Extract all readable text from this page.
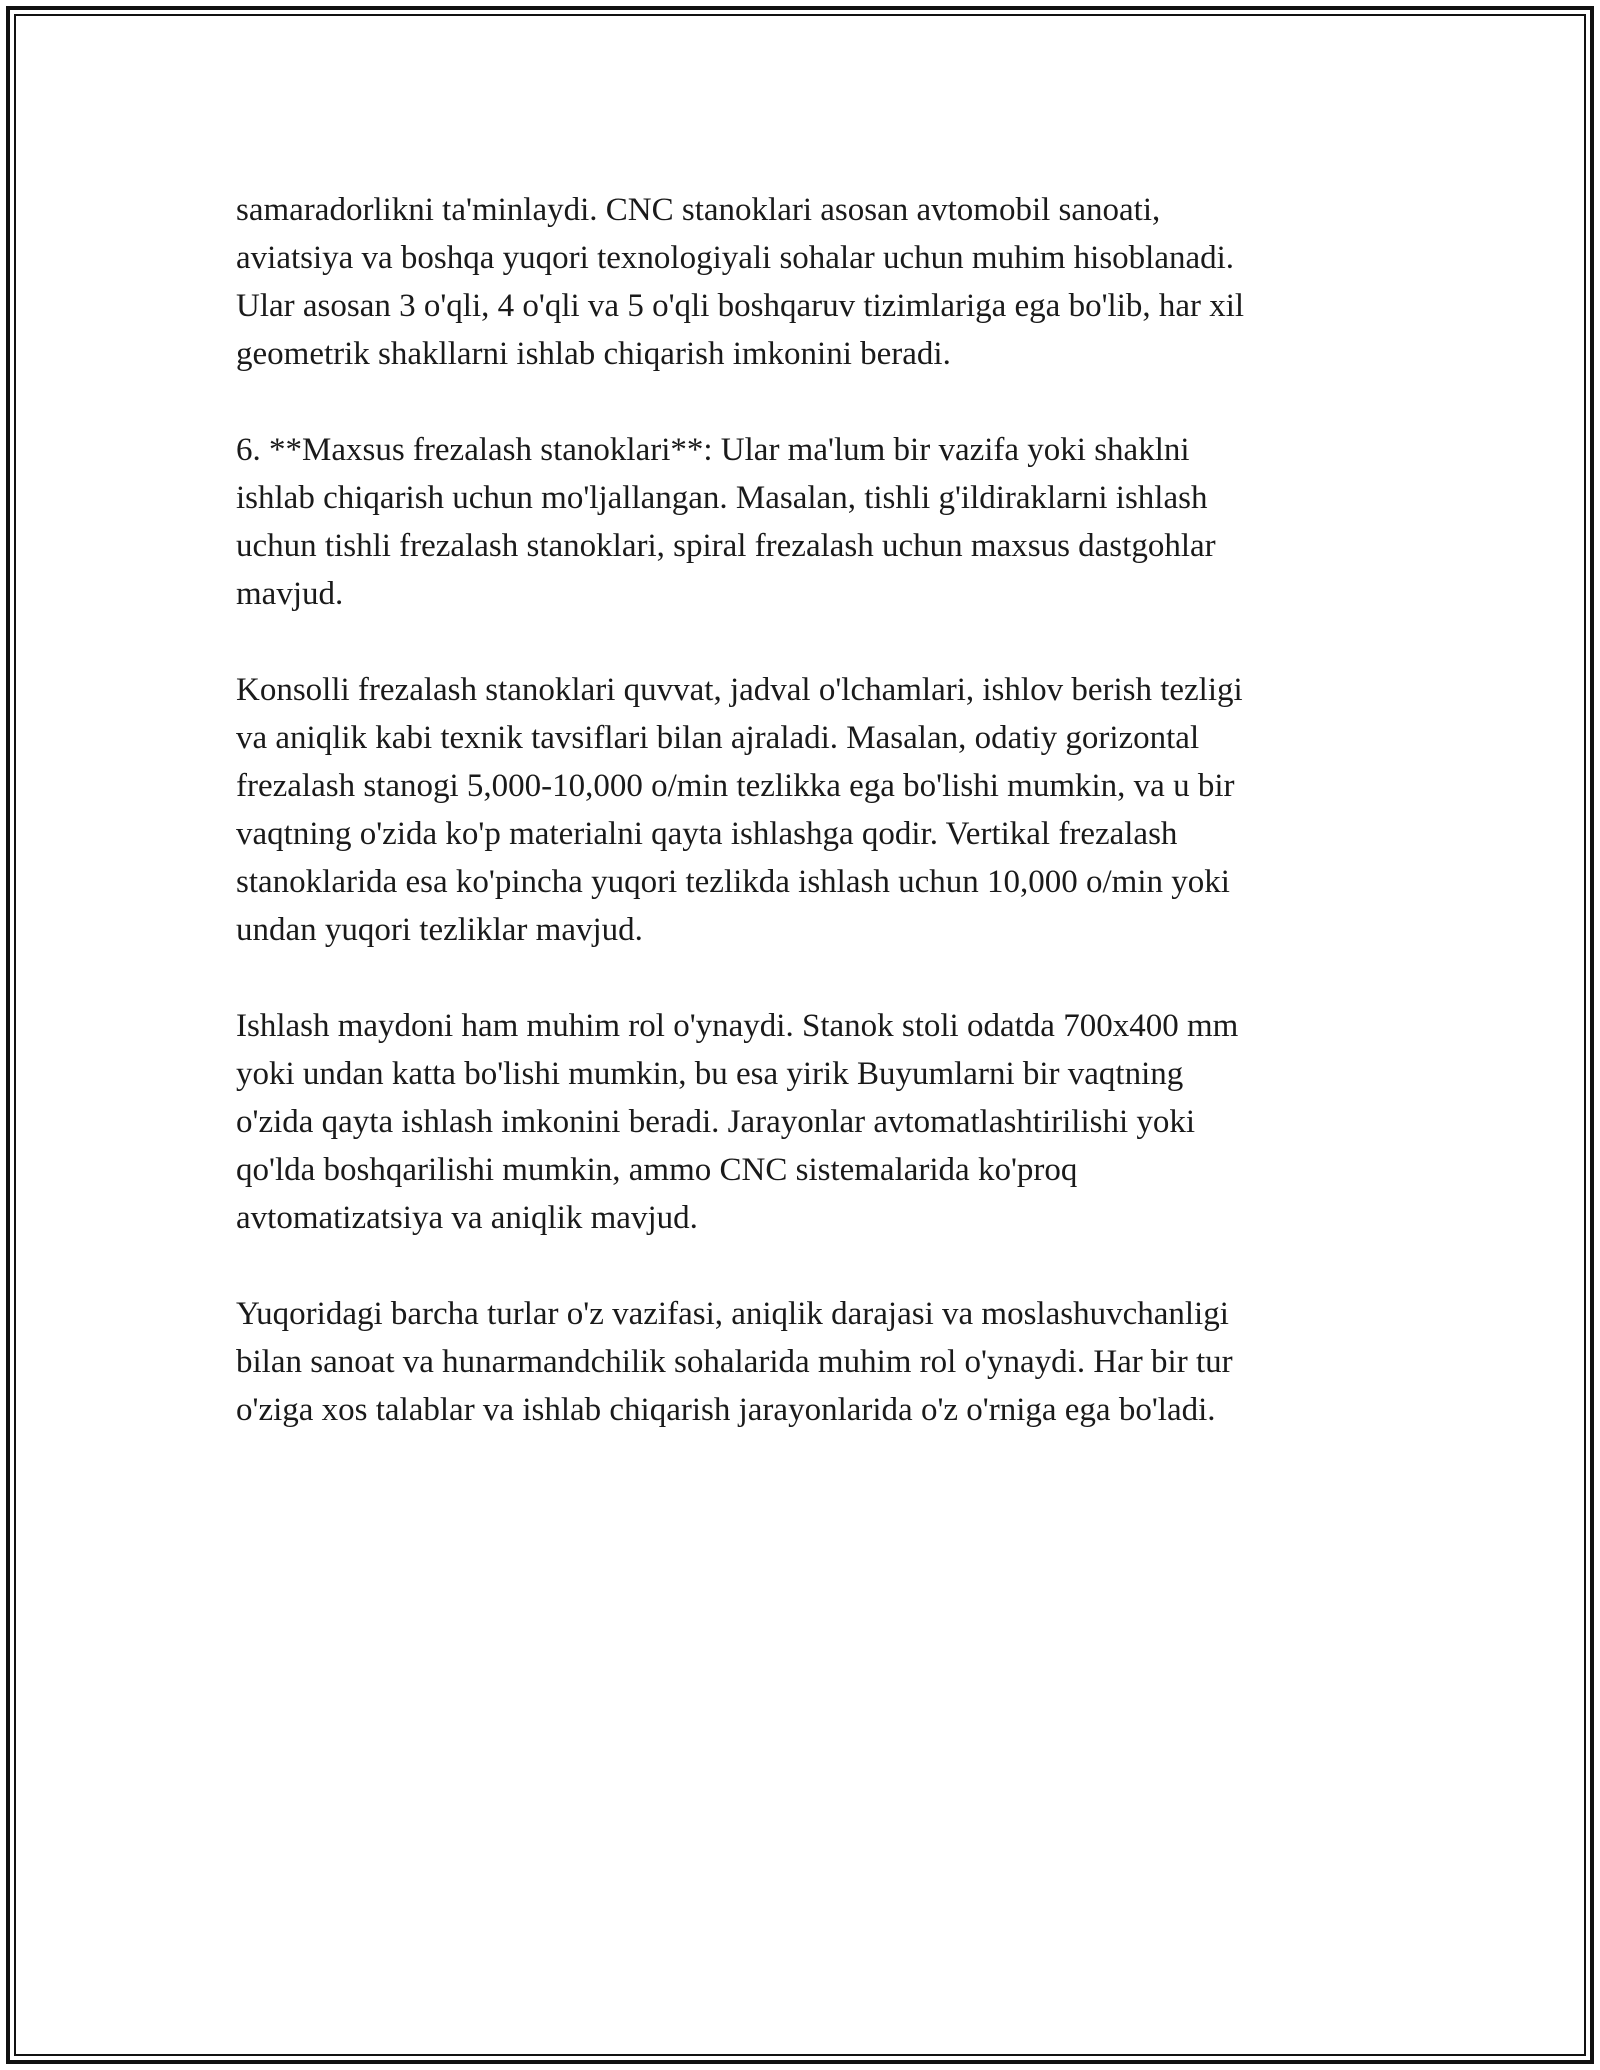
samaradorlikni ta'minlaydi. CNC stanoklari asosan avtomobil sanoati,
aviatsiya va boshqa yuqori texnologiyali sohalar uchun muhim hisoblanadi.
Ular asosan 3 o'qli, 4 o'qli va 5 o'qli boshqaruv tizimlariga ega bo'lib, har xil
geometrik shakllarni ishlab chiqarish imkonini beradi.

6. **Maxsus frezalash stanoklari**: Ular ma'lum bir vazifa yoki shaklni
ishlab chiqarish uchun mo'ljallangan. Masalan, tishli g'ildiraklarni ishlash
uchun tishli frezalash stanoklari, spiral frezalash uchun maxsus dastgohlar
mavjud.

Konsolli frezalash stanoklari quvvat, jadval o'lchamlari, ishlov berish tezligi
va aniqlik kabi texnik tavsiflari bilan ajraladi. Masalan, odatiy gorizontal
frezalash stanogi 5,000-10,000 o/min tezlikka ega bo'lishi mumkin, va u bir
vaqtning o'zida ko'p materialni qayta ishlashga qodir. Vertikal frezalash
stanoklarida esa ko'pincha yuqori tezlikda ishlash uchun 10,000 o/min yoki
undan yuqori tezliklar mavjud.

Ishlash maydoni ham muhim rol o'ynaydi. Stanok stoli odatda 700x400 mm
yoki undan katta bo'lishi mumkin, bu esa yirik Buyumlarni bir vaqtning
o'zida qayta ishlash imkonini beradi. Jarayonlar avtomatlashtirilishi yoki
qo'lda boshqarilishi mumkin, ammo CNC sistemalarida ko'proq
avtomatizatsiya va aniqlik mavjud.

Yuqoridagi barcha turlar o'z vazifasi, aniqlik darajasi va moslashuvchanligi
bilan sanoat va hunarmandchilik sohalarida muhim rol o'ynaydi. Har bir tur
o'ziga xos talablar va ishlab chiqarish jarayonlarida o'z o'rniga ega bo'ladi.
